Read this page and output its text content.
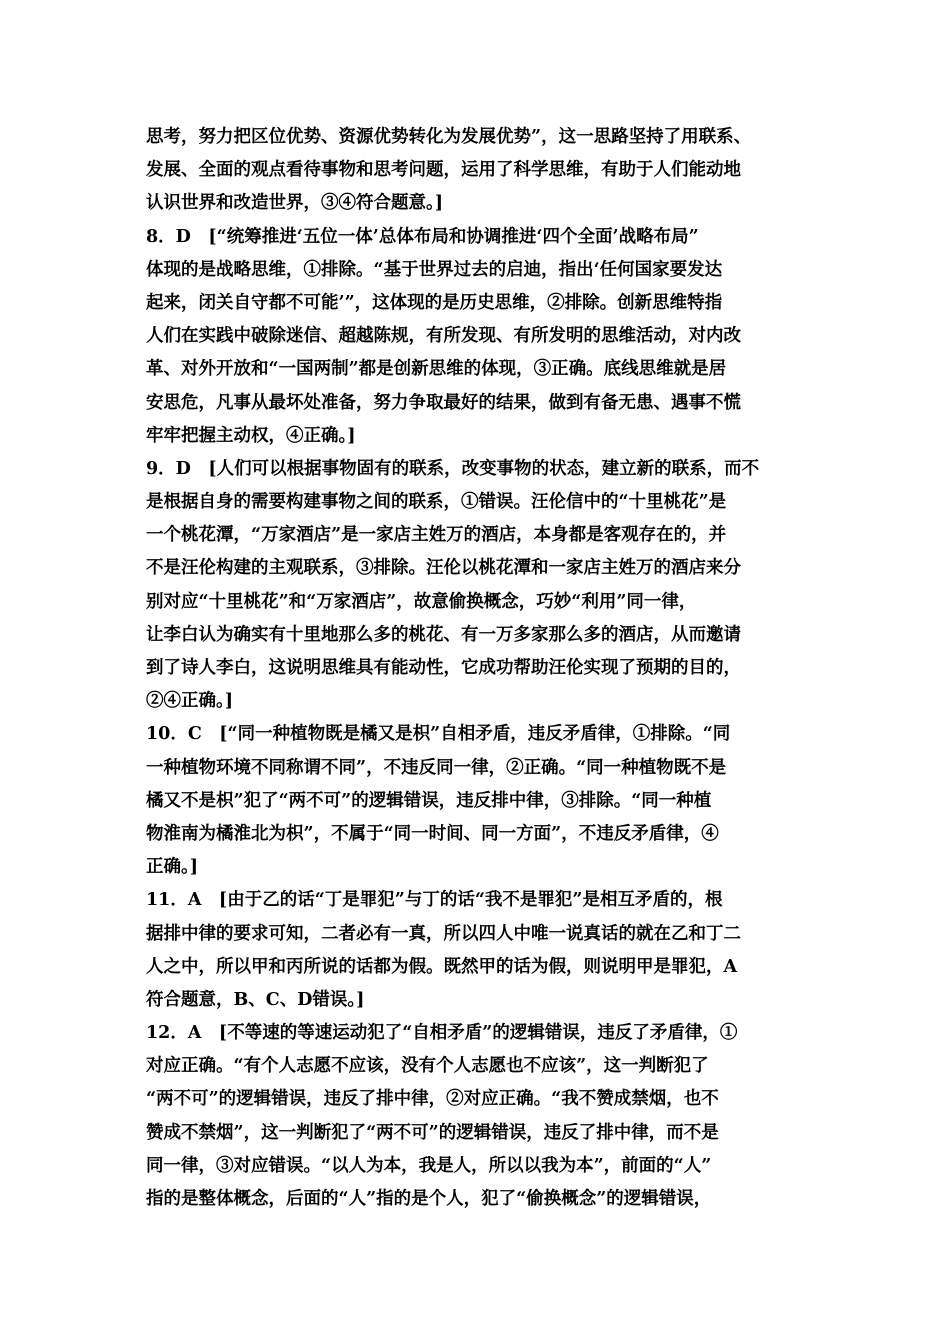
思考，努力把区位优势、资源优势转化为发展优势”，这一思路坚持了用联系、
发展、全面的观点看待事物和思考问题，运用了科学思维，有助于人们能动地
认识世界和改造世界，③④符合题意。]
8．D　[“统筹推进‘五位一体’总体布局和协调推进‘四个全面’战略布局”
体现的是战略思维，①排除。“基于世界过去的启迪，指出‘任何国家要发达
起来，闭关自守都不可能’”，这体现的是历史思维，②排除。创新思维特指
人们在实践中破除迷信、超越陈规，有所发现、有所发明的思维活动，对内改
革、对外开放和“一国两制”都是创新思维的体现，③正确。底线思维就是居
安思危，凡事从最坏处准备，努力争取最好的结果，做到有备无患、遇事不慌
牢牢把握主动权，④正确。]
9．D　[人们可以根据事物固有的联系，改变事物的状态，建立新的联系，而不
是根据自身的需要构建事物之间的联系，①错误。汪伦信中的“十里桃花”是
一个桃花潭，“万家酒店”是一家店主姓万的酒店，本身都是客观存在的，并
不是汪伦构建的主观联系，③排除。汪伦以桃花潭和一家店主姓万的酒店来分
别对应“十里桃花”和“万家酒店”，故意偷换概念，巧妙“利用”同一律，
让李白认为确实有十里地那么多的桃花、有一万多家那么多的酒店，从而邀请
到了诗人李白，这说明思维具有能动性，它成功帮助汪伦实现了预期的目的，
②④正确。]
10．C　[“同一种植物既是橘又是枳”自相矛盾，违反矛盾律，①排除。“同
一种植物环境不同称谓不同”，不违反同一律，②正确。“同一种植物既不是
橘又不是枳”犯了“两不可”的逻辑错误，违反排中律，③排除。“同一种植
物淮南为橘淮北为枳”，不属于“同一时间、同一方面”，不违反矛盾律，④
正确。]
11．A　[由于乙的话“丁是罪犯”与丁的话“我不是罪犯”是相互矛盾的，根
据排中律的要求可知，二者必有一真，所以四人中唯一说真话的就在乙和丁二
人之中，所以甲和丙所说的话都为假。既然甲的话为假，则说明甲是罪犯，A
符合题意，B、C、D错误。]
12．A　[不等速的等速运动犯了“自相矛盾”的逻辑错误，违反了矛盾律，①
对应正确。“有个人志愿不应该，没有个人志愿也不应该”，这一判断犯了
“两不可”的逻辑错误，违反了排中律，②对应正确。“我不赞成禁烟，也不
赞成不禁烟”，这一判断犯了“两不可”的逻辑错误，违反了排中律，而不是
同一律，③对应错误。“以人为本，我是人，所以以我为本”，前面的“人”
指的是整体概念，后面的“人”指的是个人，犯了“偷换概念”的逻辑错误，
